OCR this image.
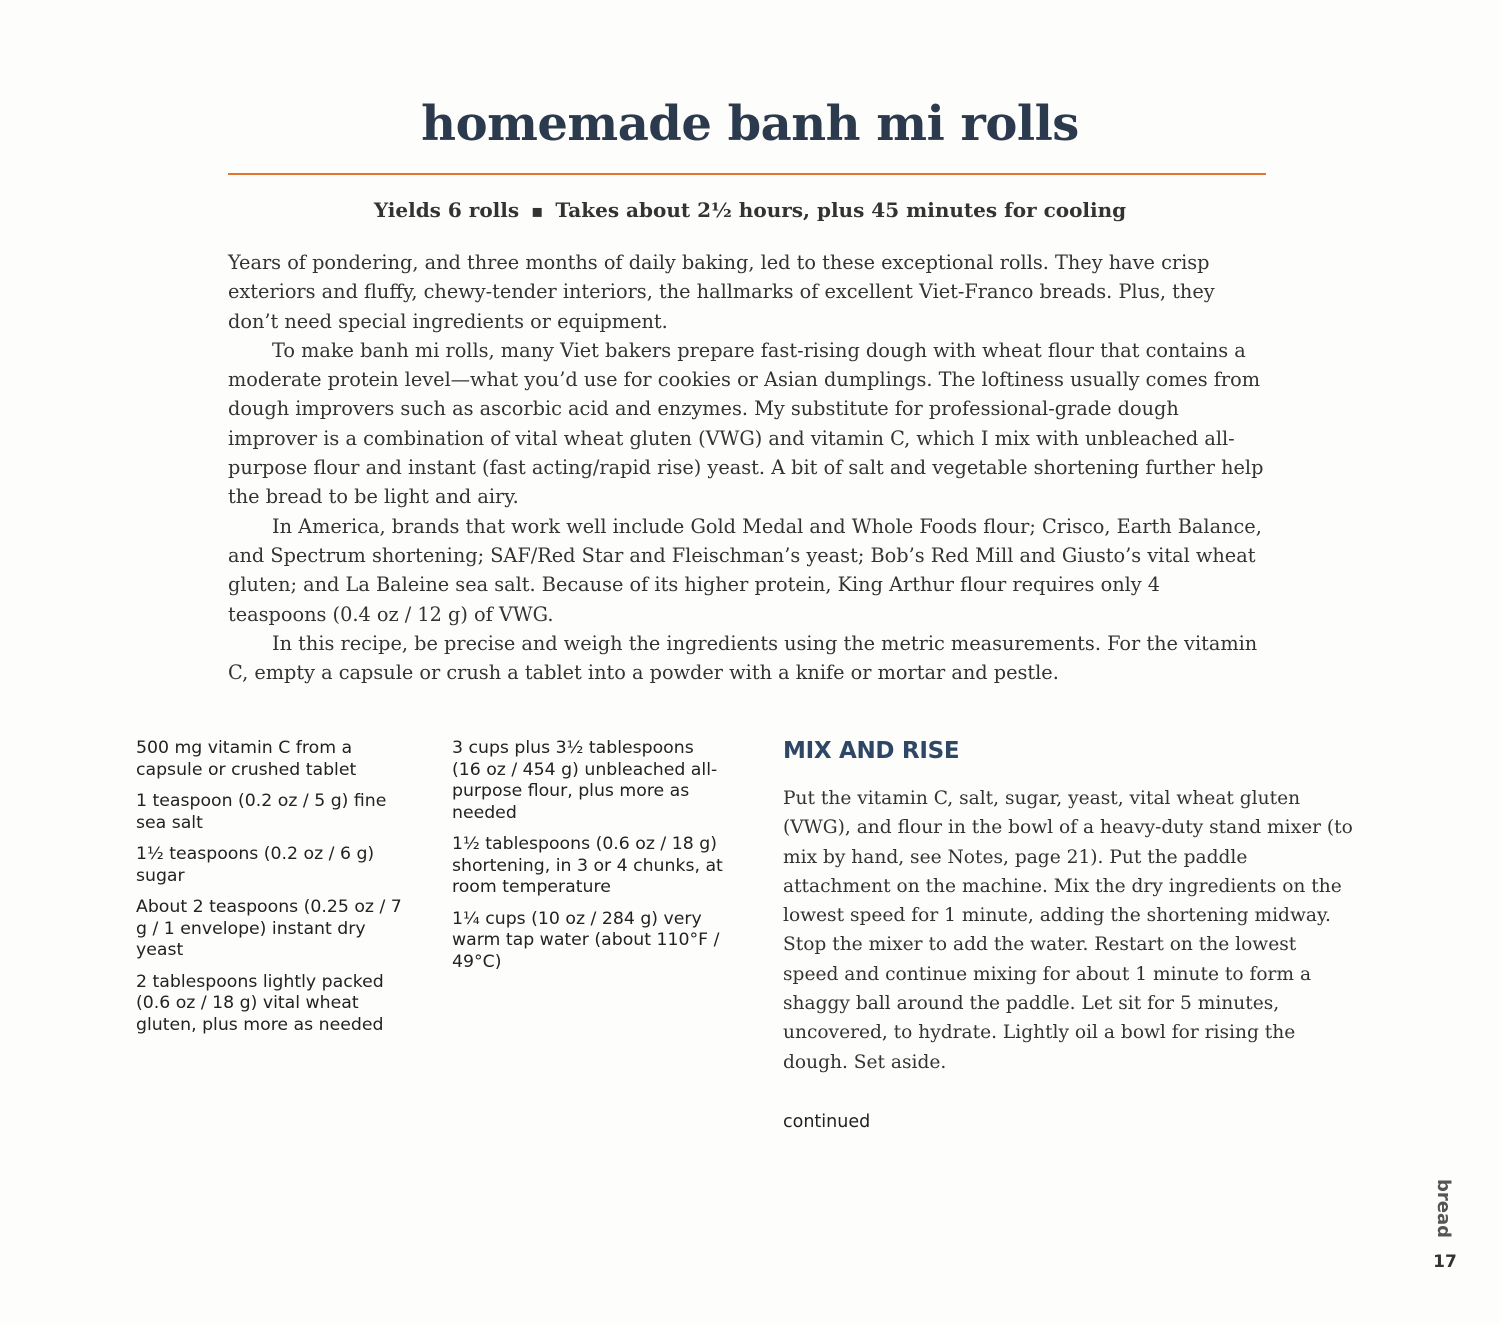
homemade banh mi rolls
Yields 6 rolls ▪ Takes about 2½ hours, plus 45 minutes for cooling

Years of pondering, and three months of daily baking, led to these exceptional rolls. They have crisp exteriors and fluffy, chewy-tender interiors, the hallmarks of excellent Viet-Franco breads. Plus, they don’t need special ingredients or equipment.

To make banh mi rolls, many Viet bakers prepare fast-rising dough with wheat flour that contains a moderate protein level—what you’d use for cookies or Asian dumplings. The loftiness usually comes from dough improvers such as ascorbic acid and enzymes. My substitute for professional-grade dough improver is a combination of vital wheat gluten (VWG) and vitamin C, which I mix with unbleached all-purpose flour and instant (fast acting/rapid rise) yeast. A bit of salt and vegetable shortening further help the bread to be light and airy.

In America, brands that work well include Gold Medal and Whole Foods flour; Crisco, Earth Balance, and Spectrum shortening; SAF/Red Star and Fleischman’s yeast; Bob’s Red Mill and Giusto’s vital wheat gluten; and La Baleine sea salt. Because of its higher protein, King Arthur flour requires only 4 teaspoons (0.4 oz / 12 g) of VWG.

In this recipe, be precise and weigh the ingredients using the metric measurements. For the vitamin C, empty a capsule or crush a tablet into a powder with a knife or mortar and pestle.

500 mg vitamin C from a capsule or crushed tablet
1 teaspoon (0.2 oz / 5 g) fine sea salt
1½ teaspoons (0.2 oz / 6 g) sugar
About 2 teaspoons (0.25 oz / 7 g / 1 envelope) instant dry yeast
2 tablespoons lightly packed (0.6 oz / 18 g) vital wheat gluten, plus more as needed
3 cups plus 3½ tablespoons (16 oz / 454 g) unbleached all-purpose flour, plus more as needed
1½ tablespoons (0.6 oz / 18 g) shortening, in 3 or 4 chunks, at room temperature
1¼ cups (10 oz / 284 g) very warm tap water (about 110°F / 49°C)
MIX AND RISE

Put the vitamin C, salt, sugar, yeast, vital wheat gluten (VWG), and flour in the bowl of a heavy-duty stand mixer (to mix by hand, see Notes, page 21). Put the paddle attachment on the machine. Mix the dry ingredients on the lowest speed for 1 minute, adding the shortening midway. Stop the mixer to add the water. Restart on the lowest speed and continue mixing for about 1 minute to form a shaggy ball around the paddle. Let sit for 5 minutes, uncovered, to hydrate. Lightly oil a bowl for rising the dough. Set aside.

continued
bread
17
